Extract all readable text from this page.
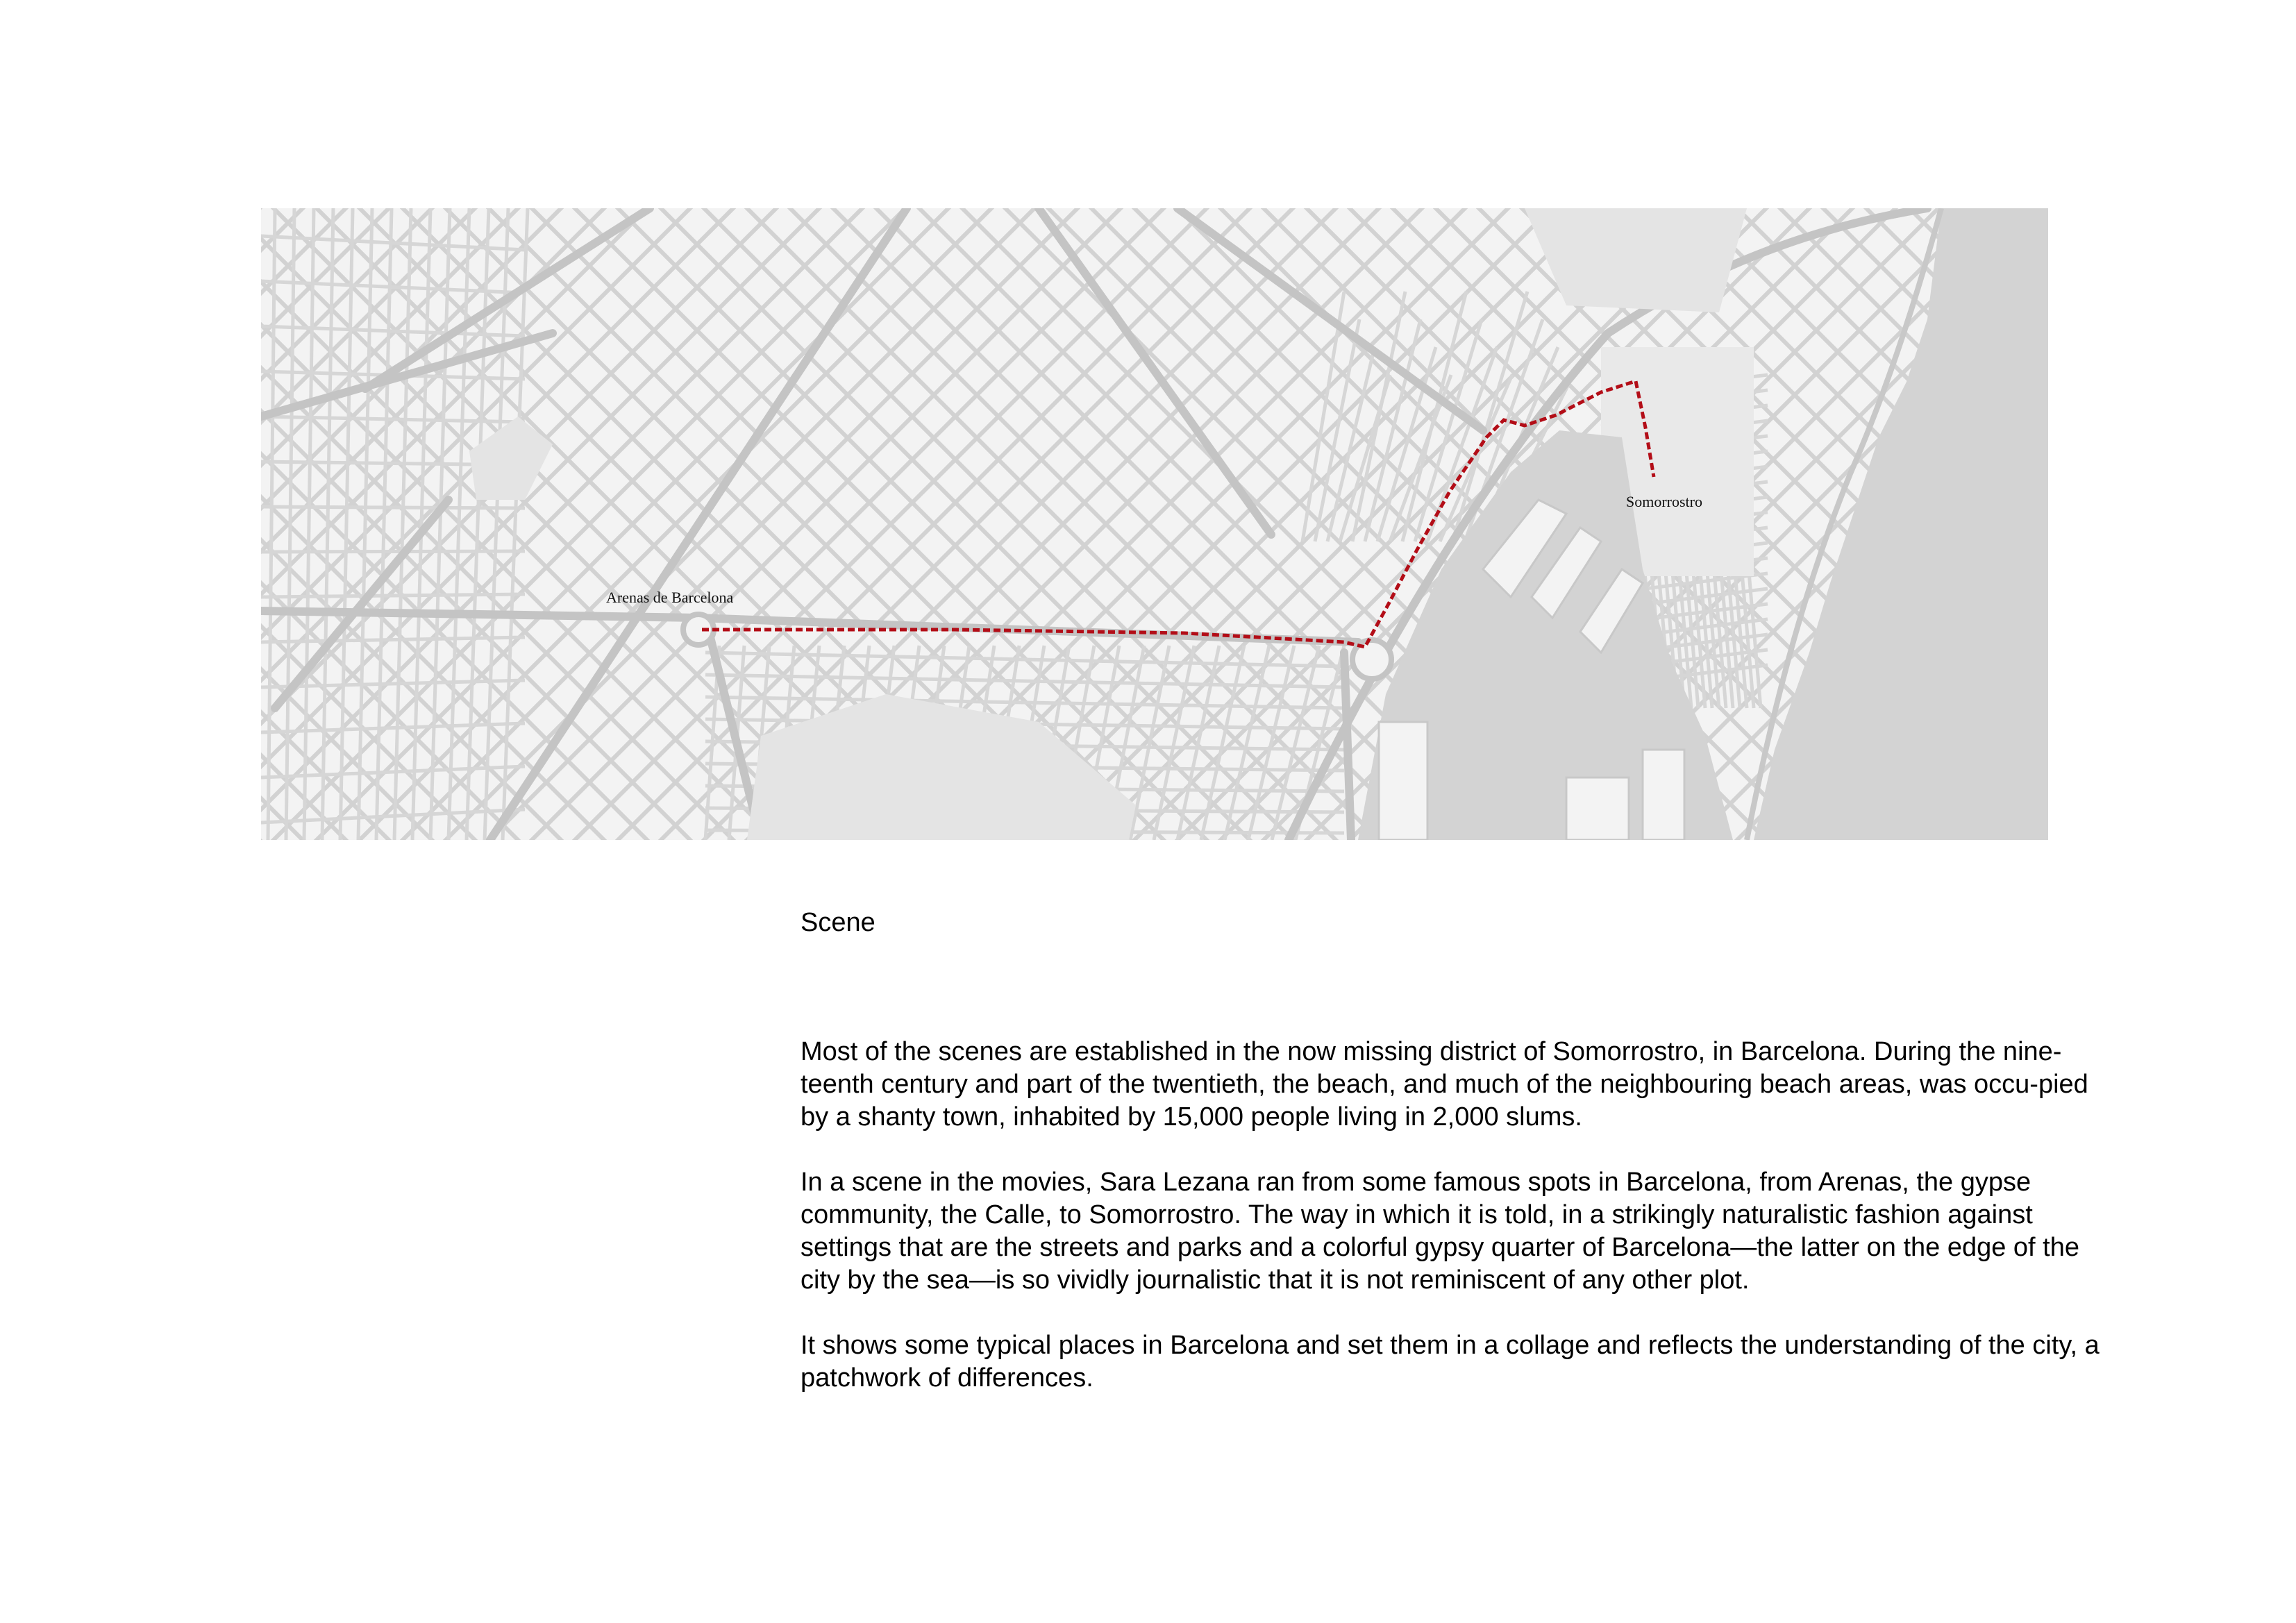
Arenas de Barcelona
Somorrostro
Scene

Most of the scenes are established in the now missing district of Somorrostro, in Barcelona. During the nine-teenth century and part of the twentieth, the beach, and much of the neighbouring beach areas, was occu-pied by a shanty town, inhabited by 15,000 people living in 2,000 slums.

In a scene in the movies, Sara Lezana ran from some famous spots in Barcelona, from Arenas, the gypse community, the Calle, to Somorrostro. The way in which it is told, in a strikingly naturalistic fashion against settings that are the streets and parks and a colorful gypsy quarter of Barcelona—the latter on the edge of the city by the sea—is so vividly journalistic that it is not reminiscent of any other plot.

It shows some typical places in Barcelona and set them in a collage and reflects the understanding of the city, a patchwork of differences.
